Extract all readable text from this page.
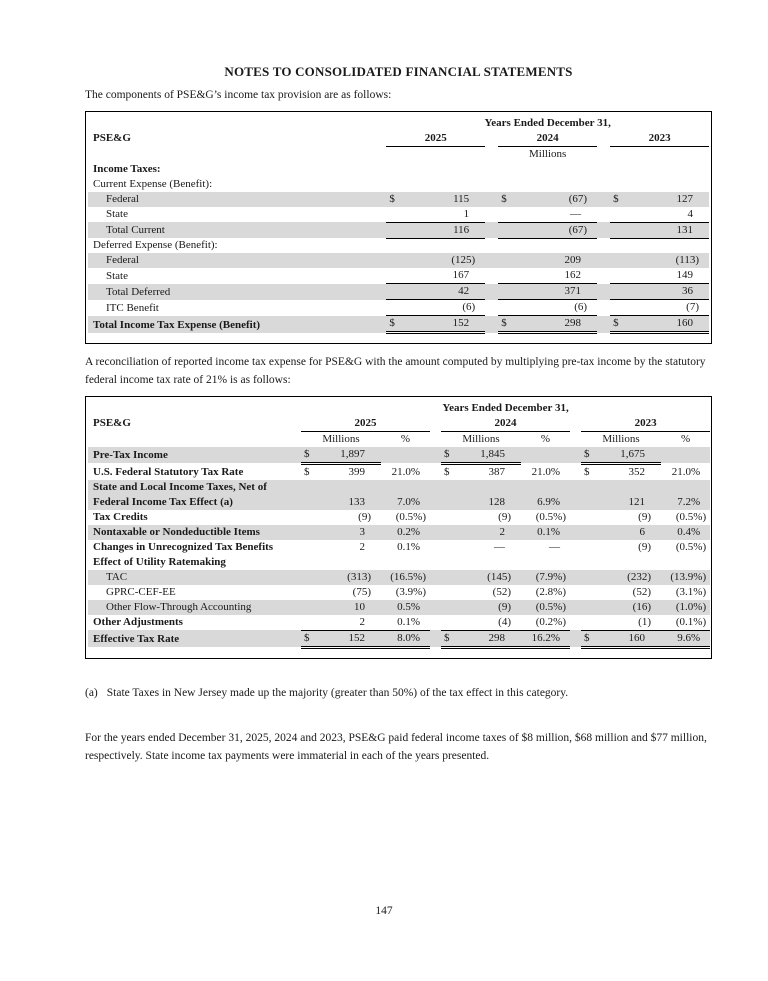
NOTES TO CONSOLIDATED FINANCIAL STATEMENTS

The components of PSE&G’s income tax provision are as follows:

	Years Ended December 31,							
PSE&G	2025			2024			2023	
	Millions							
Income Taxes:								
Current Expense (Benefit):								
Federal	$	115		$	(67)		$	127
State		1			—			4
Total Current		116			(67)			131
Deferred Expense (Benefit):								
Federal		(125)			209			(113)
State		167			162			149
Total Deferred		42			371			36
ITC Benefit		(6)			(6)			(7)
Total Income Tax Expense (Benefit)	$	152		$	298		$	160

A reconciliation of reported income tax expense for PSE&G with the amount computed by multiplying pre-tax income by the statutory federal income tax rate of 21% is as follows:

	Years Ended December 31,										
PSE&G	2025				2024				2023		
	Millions		%		Millions		%		Millions		%
Pre-Tax Income	$	1,897			$	1,845			$	1,675	
U.S. Federal Statutory Tax Rate	$	399	21.0%		$	387	21.0%		$	352	21.0%
State and Local Income Taxes, Net of Federal Income Tax Effect (a)		133	7.0%			128	6.9%			121	7.2%
Tax Credits		(9)	(0.5%)			(9)	(0.5%)			(9)	(0.5%)
Nontaxable or Nondeductible Items		3	0.2%			2	0.1%			6	0.4%
Changes in Unrecognized Tax Benefits		2	0.1%			—	—			(9)	(0.5%)
Effect of Utility Ratemaking											
TAC		(313)	(16.5%)			(145)	(7.9%)			(232)	(13.9%)
GPRC-CEF-EE		(75)	(3.9%)			(52)	(2.8%)			(52)	(3.1%)
Other Flow-Through Accounting		10	0.5%			(9)	(0.5%)			(16)	(1.0%)
Other Adjustments		2	0.1%			(4)	(0.2%)			(1)	(0.1%)
Effective Tax Rate	$	152	8.0%		$	298	16.2%		$	160	9.6%

(a) State Taxes in New Jersey made up the majority (greater than 50%) of the tax effect in this category.

For the years ended December 31, 2025, 2024 and 2023, PSE&G paid federal income taxes of $8 million, $68 million and $77 million, respectively. State income tax payments were immaterial in each of the years presented.

147
